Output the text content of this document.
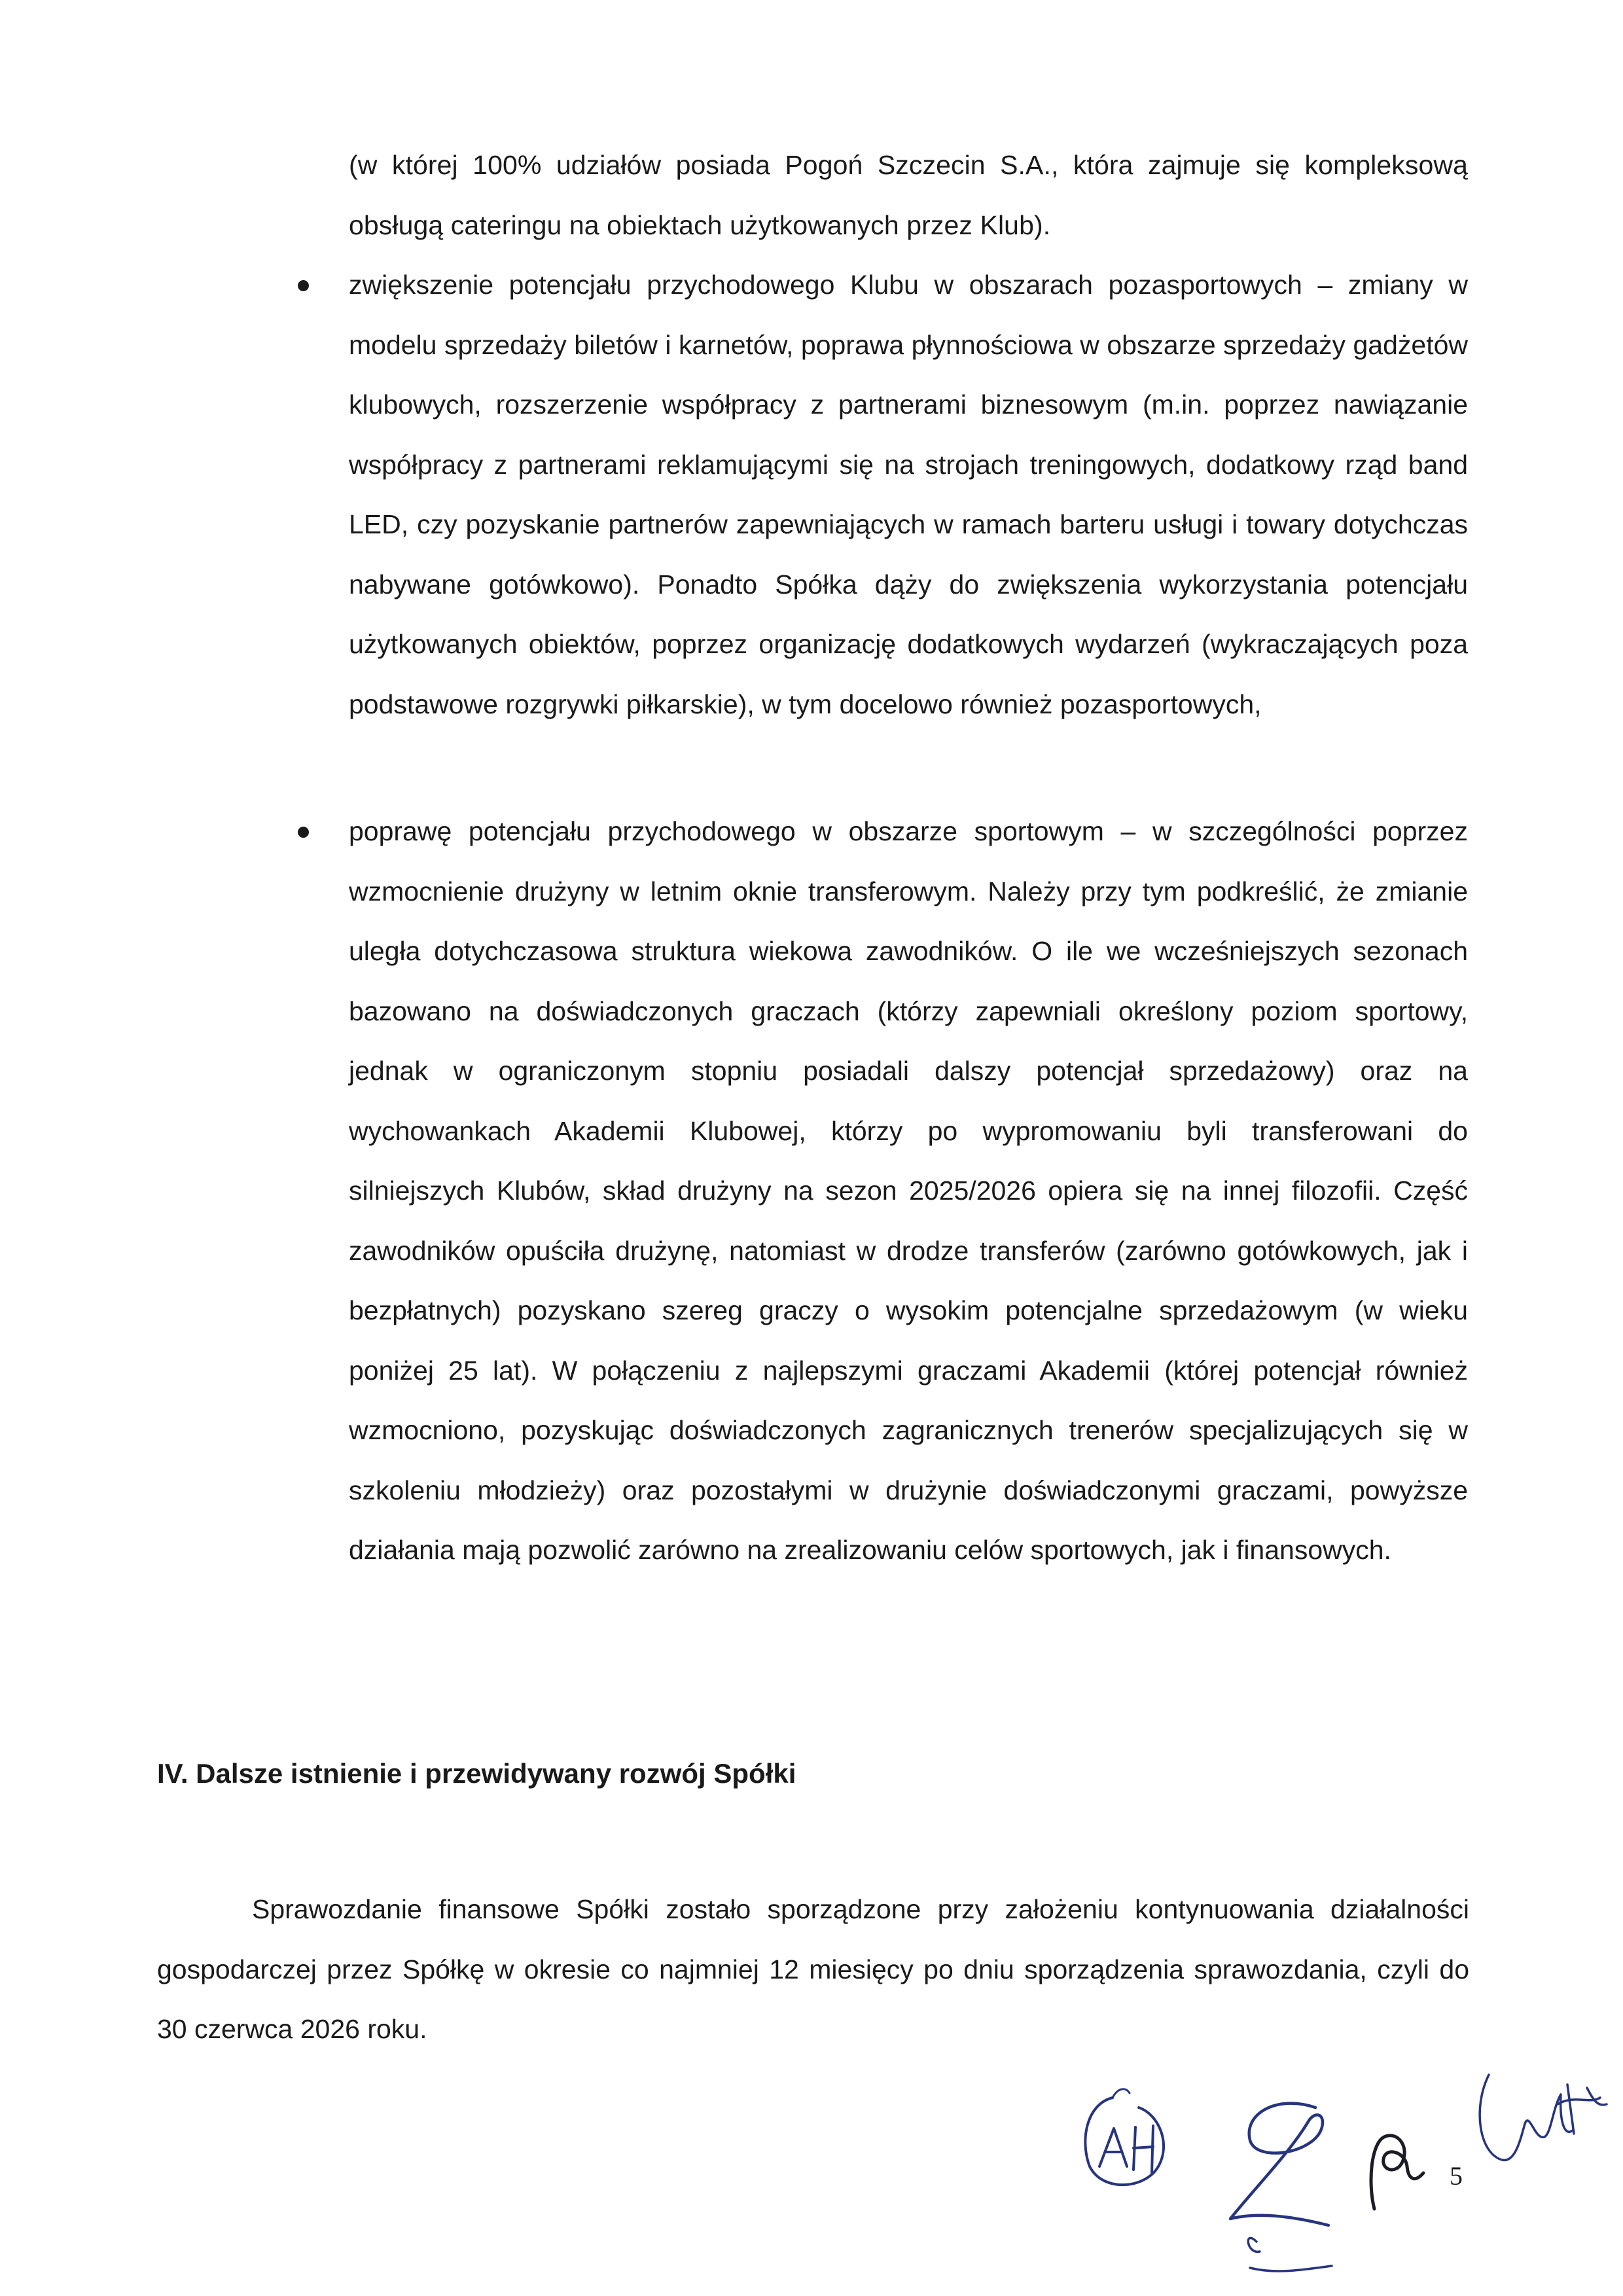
(w której 100% udziałów posiada Pogoń Szczecin S.A., która zajmuje się kompleksową obsługą cateringu na obiektach użytkowanych przez Klub).
zwiększenie potencjału przychodowego Klubu w obszarach pozasportowych – zmiany w modelu sprzedaży biletów i karnetów, poprawa płynnościowa w obszarze sprzedaży gadżetów klubowych, rozszerzenie współpracy z partnerami biznesowym (m.in. poprzez nawiązanie współpracy z partnerami reklamującymi się na strojach treningowych, dodatkowy rząd band LED, czy pozyskanie partnerów zapewniających w ramach barteru usługi i towary dotychczas nabywane gotówkowo). Ponadto Spółka dąży do zwiększenia wykorzystania potencjału użytkowanych obiektów, poprzez organizację dodatkowych wydarzeń (wykraczających poza podstawowe rozgrywki piłkarskie), w tym docelowo również pozasportowych,
poprawę potencjału przychodowego w obszarze sportowym – w szczególności poprzez wzmocnienie drużyny w letnim oknie transferowym. Należy przy tym podkreślić, że zmianie uległa dotychczasowa struktura wiekowa zawodników. O ile we wcześniejszych sezonach bazowano na doświadczonych graczach (którzy zapewniali określony poziom sportowy, jednak w ograniczonym stopniu posiadali dalszy potencjał sprzedażowy) oraz na wychowankach Akademii Klubowej, którzy po wypromowaniu byli transferowani do silniejszych Klubów, skład drużyny na sezon 2025/2026 opiera się na innej filozofii. Część zawodników opuściła drużynę, natomiast w drodze transferów (zarówno gotówkowych, jak i bezpłatnych) pozyskano szereg graczy o wysokim potencjalne sprzedażowym (w wieku poniżej 25 lat). W połączeniu z najlepszymi graczami Akademii (której potencjał również wzmocniono, pozyskując doświadczonych zagranicznych trenerów specjalizujących się w szkoleniu młodzieży) oraz pozostałymi w drużynie doświadczonymi graczami, powyższe działania mają pozwolić zarówno na zrealizowaniu celów sportowych, jak i finansowych.
IV. Dalsze istnienie i przewidywany rozwój Spółki

Sprawozdanie finansowe Spółki zostało sporządzone przy założeniu kontynuowania działalności gospodarczej przez Spółkę w okresie co najmniej 12 miesięcy po dniu sporządzenia sprawozdania, czyli do 30 czerwca 2026 roku.

5
